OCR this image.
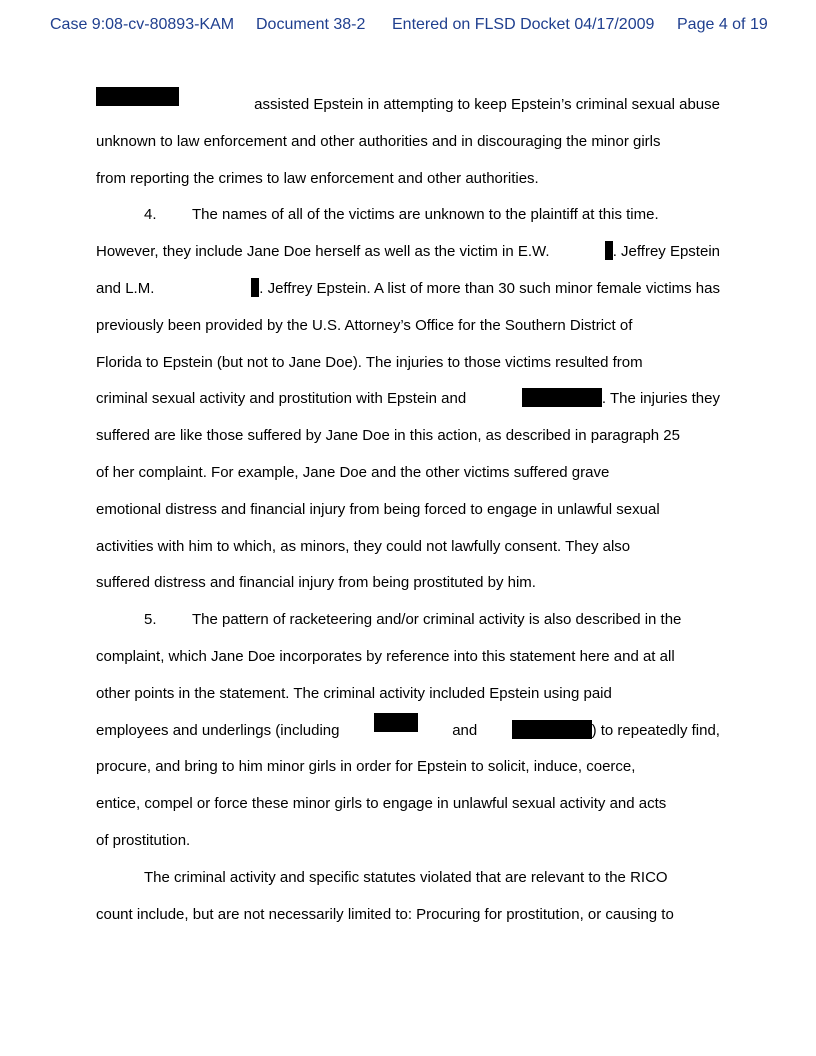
Case 9:08-cv-80893-KAM Document 38-2 Entered on FLSD Docket 04/17/2009 Page 4 of 19
assisted Epstein in attempting to keep Epstein’s criminal sexual abuse
unknown to law enforcement and other authorities and in discouraging the minor girls
from reporting the crimes to law enforcement and other authorities.
4. The names of all of the victims are unknown to the plaintiff at this time.
However, they include Jane Doe herself as well as the victim in E.W.	. Jeffrey Epstein
and L.M.	. Jeffrey Epstein. A list of more than 30 such minor female victims has
previously been provided by the U.S. Attorney’s Office for the Southern District of
Florida to Epstein (but not to Jane Doe). The injuries to those victims resulted from
criminal sexual activity and prostitution with Epstein and	. The injuries they
suffered are like those suffered by Jane Doe in this action, as described in paragraph 25
of her complaint. For example, Jane Doe and the other victims suffered grave
emotional distress and financial injury from being forced to engage in unlawful sexual
activities with him to which, as minors, they could not lawfully consent. They also
suffered distress and financial injury from being prostituted by him.
5. The pattern of racketeering and/or criminal activity is also described in the
complaint, which Jane Doe incorporates by reference into this statement here and at all
other points in the statement. The criminal activity included Epstein using paid
employees and underlings (including	and	) to repeatedly find,
procure, and bring to him minor girls in order for Epstein to solicit, induce, coerce,
entice, compel or force these minor girls to engage in unlawful sexual activity and acts
of prostitution.
The criminal activity and specific statutes violated that are relevant to the RICO
count include, but are not necessarily limited to: Procuring for prostitution, or causing to
